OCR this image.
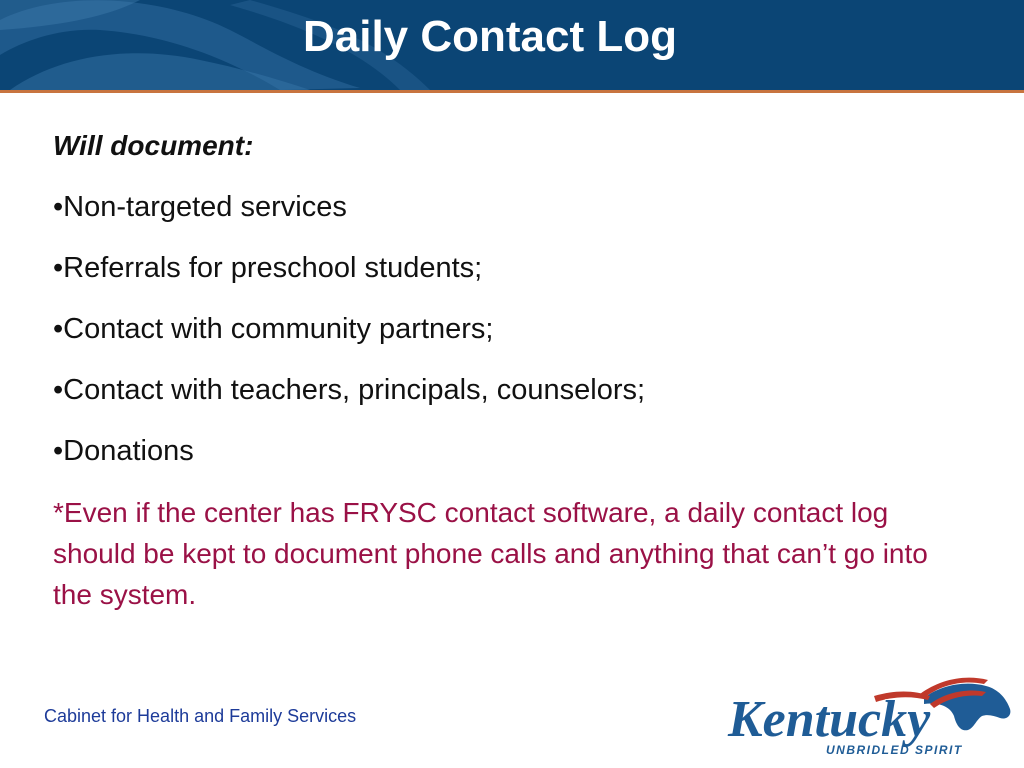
Daily Contact Log

Will document:

•Non-targeted services
•Referrals for preschool students;
•Contact with community partners;
•Contact with teachers, principals, counselors;
•Donations

*Even if the center has FRYSC contact software, a daily contact log should be kept to document phone calls and anything that can’t go into the system.

Cabinet for Health and Family Services	Kentucky
UNBRIDLED SPIRIT
